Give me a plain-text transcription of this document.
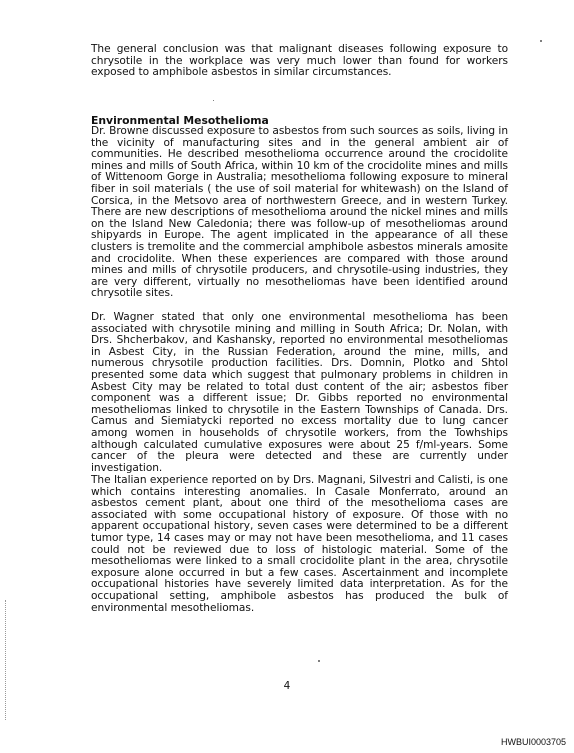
The general conclusion was that malignant diseases following exposure to chrysotile in the workplace was very much lower than found for workers exposed to amphibole asbestos in similar circumstances.

Environmental Mesothelioma

Dr. Browne discussed exposure to asbestos from such sources as soils, living in the vicinity of manufacturing sites and in the general ambient air of communities. He described mesothelioma occurrence around the crocidolite mines and mills of South Africa, within 10 km of the crocidolite mines and mills of Wittenoom Gorge in Australia; mesothelioma following exposure to mineral fiber in soil materials ( the use of soil material for whitewash) on the Island of Corsica, in the Metsovo area of northwestern Greece, and in western Turkey. There are new descriptions of mesothelioma around the nickel mines and mills on the Island New Caledonia; there was follow-up of mesotheliomas around shipyards in Europe. The agent implicated in the appearance of all these clusters is tremolite and the commercial amphibole asbestos minerals amosite and crocidolite. When these experiences are compared with those around mines and mills of chrysotile producers, and chrysotile-using industries, they are very different, virtually no mesotheliomas have been identified around chrysotile sites.

Dr. Wagner stated that only one environmental mesothelioma has been associated with chrysotile mining and milling in South Africa; Dr. Nolan, with Drs. Shcherbakov, and Kashansky, reported no environmental mesotheliomas in Asbest City, in the Russian Federation, around the mine, mills, and numerous chrysotile production facilities. Drs. Domnin, Plotko and Shtol presented some data which suggest that pulmonary problems in children in Asbest City may be related to total dust content of the air; asbestos fiber component was a different issue; Dr. Gibbs reported no environmental mesotheliomas linked to chrysotile in the Eastern Townships of Canada. Drs. Camus and Siemiatycki reported no excess mortality due to lung cancer among women in households of chrysotile workers, from the Towhships although calculated cumulative exposures were about 25 f/ml-years. Some cancer of the pleura were detected and these are currently under investigation.

The Italian experience reported on by Drs. Magnani, Silvestri and Calisti, is one which contains interesting anomalies. In Casale Monferrato, around an asbestos cement plant, about one third of the mesothelioma cases are associated with some occupational history of exposure. Of those with no apparent occupational history, seven cases were determined to be a different tumor type, 14 cases may or may not have been mesothelioma, and 11 cases could not be reviewed due to loss of histologic material. Some of the mesotheliomas were linked to a small crocidolite plant in the area, chrysotile exposure alone occurred in but a few cases. Ascertainment and incomplete occupational histories have severely limited data interpretation. As for the occupational setting, amphibole asbestos has produced the bulk of environmental mesotheliomas.

4
HWBUI0003705
